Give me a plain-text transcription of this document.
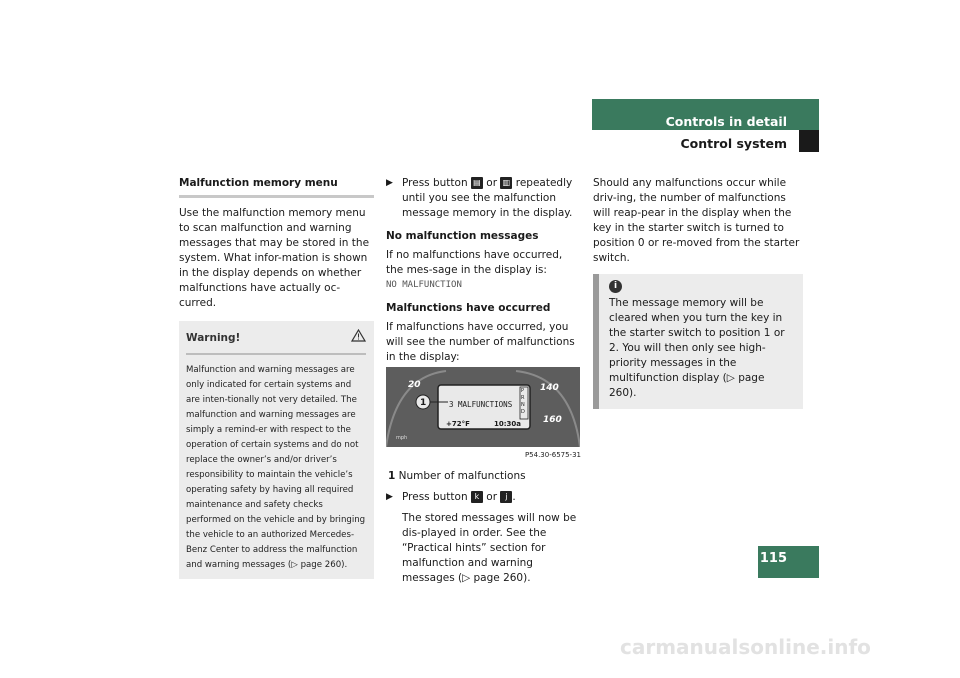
Controls in detail
Control system
Malfunction memory menu

Use the malfunction memory menu to scan malfunction and warning messages that may be stored in the system. What infor-mation is shown in the display depends on whether malfunctions have actually oc-curred.

Warning!
Malfunction and warning messages are only indicated for certain systems and are inten-tionally not very detailed. The malfunction and warning messages are simply a remind-er with respect to the operation of certain systems and do not replace the owner’s and/or driver’s responsibility to maintain the vehicle’s operating safety by having all required maintenance and safety checks performed on the vehicle and by bringing the vehicle to an authorized Mercedes-Benz Center to address the malfunction and warning messages (▷ page 260).
▶ Press button ▤ or ▥ repeatedly until you see the malfunction message memory in the display.
No malfunction messages
If no malfunctions have occurred, the mes-sage in the display is:
NO MALFUNCTION
Malfunctions have occurred
If malfunctions have occurred, you will see the number of malfunctions in the display:
1	3 MALFUNCTIONS
PRND
+72°F	10:30a
20	140
160
mph
P54.30-6575-31
1 Number of malfunctions
▶ Press button k or j .
The stored messages will now be dis-played in order. See the “Practical hints” section for malfunction and warning messages (▷ page 260).

Should any malfunctions occur while driv-ing, the number of malfunctions will reap-pear in the display when the key in the starter switch is turned to position 0 or re-moved from the starter switch.

i
The message memory will be cleared when you turn the key in the starter switch to position 1 or 2. You will then only see high-priority messages in the multifunction display (▷ page 260).
115
carmanualsonline.info
